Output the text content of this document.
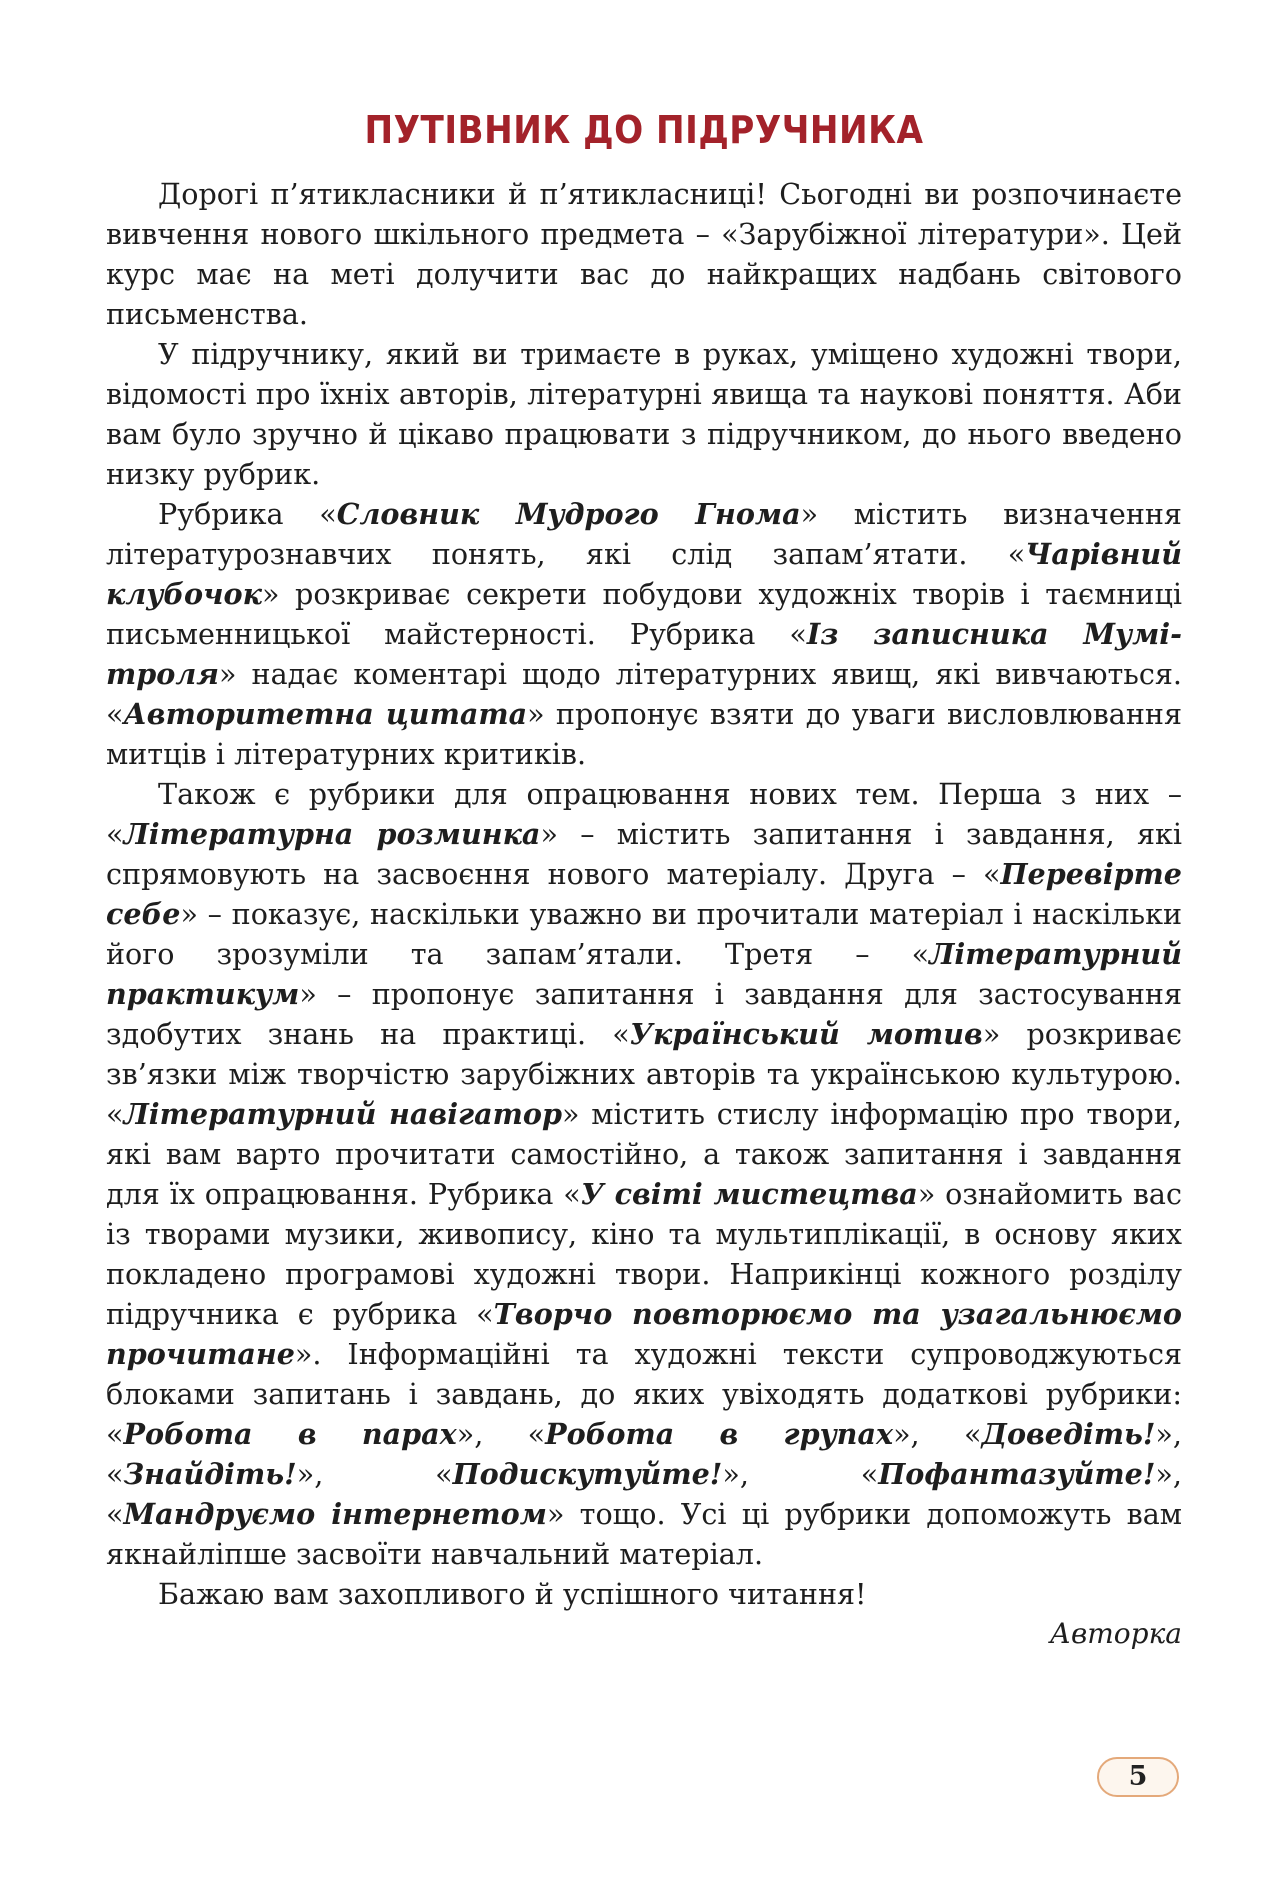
ПУТІВНИК ДО ПІДРУЧНИКА

Дорогі п’ятикласники й п’ятикласниці! Сьогодні ви розпочинаєте вивчення нового шкільного предмета – «Зарубіжної літератури». Цей курс має на меті долучити вас до найкращих надбань світового письменства.

У підручнику, який ви тримаєте в руках, уміщено художні твори, відомості про їхніх авторів, літературні явища та наукові поняття. Аби вам було зручно й цікаво працювати з підручником, до нього введено низку рубрик.

Рубрика «Словник Мудрого Гнома» містить визначення літературознавчих понять, які слід запам’ятати. «Чарівний клубочок» розкриває секрети побудови художніх творів і таємниці письменницької майстерності. Рубрика «Із записника Мумі-троля» надає коментарі щодо літературних явищ, які вивчаються. «Авторитетна цитата» пропонує взяти до уваги висловлювання митців і літературних критиків.

Також є рубрики для опрацювання нових тем. Перша з них – «Літературна розминка» – містить запитання і завдання, які спрямовують на засвоєння нового матеріалу. Друга – «Перевірте себе» – показує, наскільки уважно ви прочитали матеріал і наскільки його зрозуміли та запам’ятали. Третя – «Літературний практикум» – пропонує запитання і завдання для застосування здобутих знань на практиці. «Український мотив» розкриває зв’язки між творчістю зарубіжних авторів та українською культурою. «Літературний навігатор» містить стислу інформацію про твори, які вам варто прочитати самостійно, а також запитання і завдання для їх опрацювання. Рубрика «У світі мистецтва» ознайомить вас із творами музики, живопису, кіно та мультиплікації, в основу яких покладено програмові художні твори. Наприкінці кожного розділу підручника є рубрика «Творчо повторюємо та узагальнюємо прочитане». Інформаційні та художні тексти супроводжуються блоками запитань і завдань, до яких увіходять додаткові рубрики: «Робота в парах», «Робота в групах», «Доведіть!», «Знайдіть!», «Подискутуйте!», «Пофантазуйте!», «Мандруємо інтернетом» тощо. Усі ці рубрики допоможуть вам якнайліпше засвоїти навчальний матеріал.

Бажаю вам захопливого й успішного читання!

Авторка
5
